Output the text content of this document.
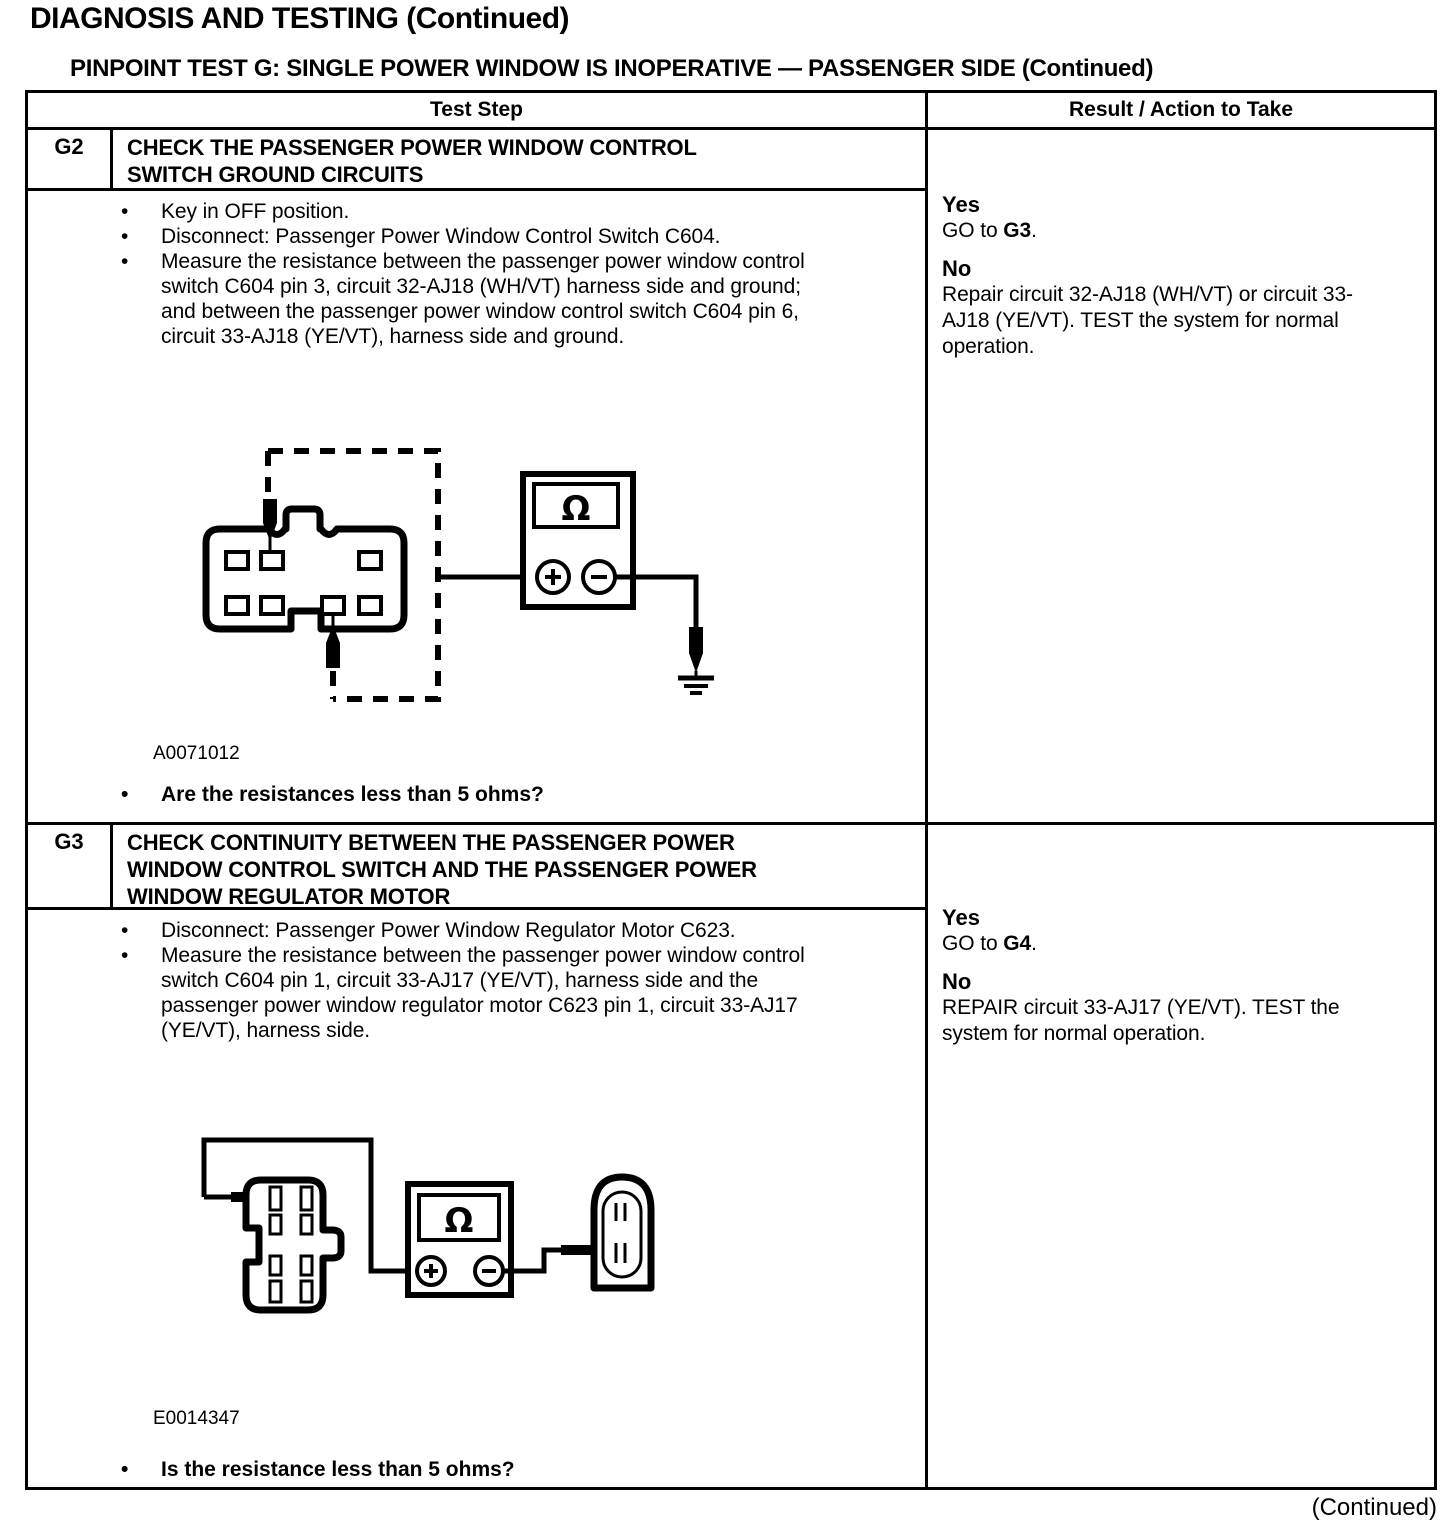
DIAGNOSIS AND TESTING (Continued)
PINPOINT TEST G: SINGLE POWER WINDOW IS INOPERATIVE — PASSENGER SIDE (Continued)
Test Step	Result / Action to Take
G2	CHECK THE PASSENGER POWER WINDOW CONTROL
SWITCH GROUND CIRCUITS
•	Key in OFF position.
•	Disconnect: Passenger Power Window Control Switch C604.
•	Measure the resistance between the passenger power window control switch C604 pin 3, circuit 32-AJ18 (WH/VT) harness side and ground; and between the passenger power window control switch C604 pin 6, circuit 33-AJ18 (YE/VT), harness side and ground.
Ω
A0071012
•	Are the resistances less than 5 ohms?
Yes
GO to G3.
No
Repair circuit 32-AJ18 (WH/VT) or circuit 33-AJ18 (YE/VT). TEST the system for normal operation.
G3	CHECK CONTINUITY BETWEEN THE PASSENGER POWER
WINDOW CONTROL SWITCH AND THE PASSENGER POWER
WINDOW REGULATOR MOTOR
•	Disconnect: Passenger Power Window Regulator Motor C623.
•	Measure the resistance between the passenger power window control switch C604 pin 1, circuit 33-AJ17 (YE/VT), harness side and the passenger power window regulator motor C623 pin 1, circuit 33-AJ17 (YE/VT), harness side.
Ω
E0014347
•	Is the resistance less than 5 ohms?
Yes
GO to G4.
No
REPAIR circuit 33-AJ17 (YE/VT). TEST the system for normal operation.
(Continued)
